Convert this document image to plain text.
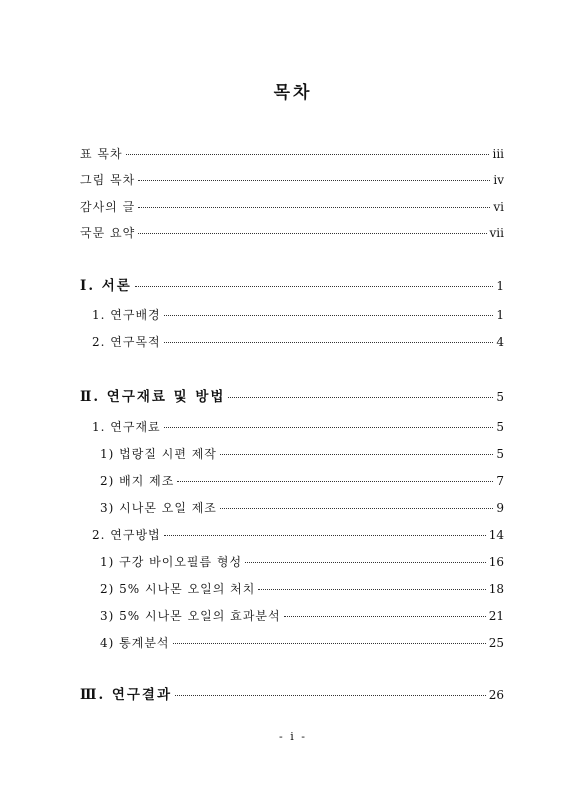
목차
표 목차	iii
그림 목차	iv
감사의 글	vi
국문 요약	vii
Ⅰ. 서론	1
1. 연구배경	1
2. 연구목적	4
Ⅱ. 연구재료 및 방법	5
1. 연구재료	5
1) 법랑질 시편 제작	5
2) 배지 제조	7
3) 시나몬 오일 제조	9
2. 연구방법	14
1) 구강 바이오필름 형성	16
2) 5% 시나몬 오일의 처치	18
3) 5% 시나몬 오일의 효과분석	21
4) 통계분석	25
Ⅲ. 연구결과	26
- i -
